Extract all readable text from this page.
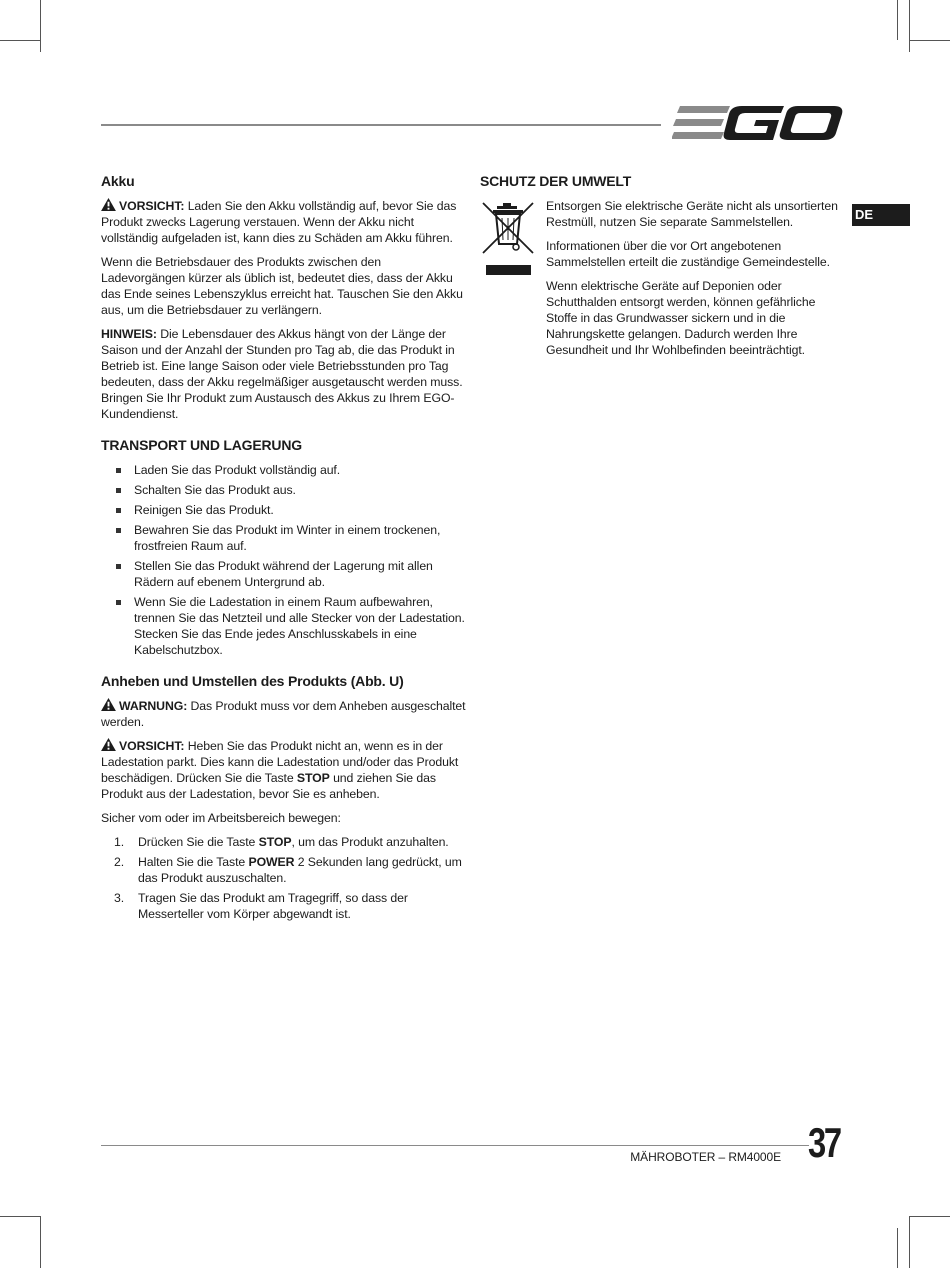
DE
Akku

VORSICHT: Laden Sie den Akku vollständig auf, bevor Sie das Produkt zwecks Lagerung verstauen. Wenn der Akku nicht vollständig aufgeladen ist, kann dies zu Schäden am Akku führen.

Wenn die Betriebsdauer des Produkts zwischen den Ladevorgängen kürzer als üblich ist, bedeutet dies, dass der Akku das Ende seines Lebenszyklus erreicht hat. Tauschen Sie den Akku aus, um die Betriebsdauer zu verlängern.

HINWEIS: Die Lebensdauer des Akkus hängt von der Länge der Saison und der Anzahl der Stunden pro Tag ab, die das Produkt in Betrieb ist. Eine lange Saison oder viele Betriebsstunden pro Tag bedeuten, dass der Akku regelmäßiger ausgetauscht werden muss. Bringen Sie Ihr Produkt zum Austausch des Akkus zu Ihrem EGO-Kundendienst.

TRANSPORT UND LAGERUNG
Laden Sie das Produkt vollständig auf.
Schalten Sie das Produkt aus.
Reinigen Sie das Produkt.
Bewahren Sie das Produkt im Winter in einem trockenen, frostfreien Raum auf.
Stellen Sie das Produkt während der Lagerung mit allen Rädern auf ebenem Untergrund ab.
Wenn Sie die Ladestation in einem Raum aufbewahren, trennen Sie das Netzteil und alle Stecker von der Ladestation. Stecken Sie das Ende jedes Anschlusskabels in eine Kabelschutzbox.
Anheben und Umstellen des Produkts (Abb. U)

WARNUNG: Das Produkt muss vor dem Anheben ausgeschaltet werden.

VORSICHT: Heben Sie das Produkt nicht an, wenn es in der Ladestation parkt. Dies kann die Ladestation und/oder das Produkt beschädigen. Drücken Sie die Taste STOP und ziehen Sie das Produkt aus der Ladestation, bevor Sie es anheben.

Sicher vom oder im Arbeitsbereich bewegen:

1. Drücken Sie die Taste STOP, um das Produkt anzuhalten.
2. Halten Sie die Taste POWER 2 Sekunden lang gedrückt, um das Produkt auszuschalten.
3. Tragen Sie das Produkt am Tragegriff, so dass der Messerteller vom Körper abgewandt ist.
SCHUTZ DER UMWELT

Entsorgen Sie elektrische Geräte nicht als unsortierten Restmüll, nutzen Sie separate Sammelstellen.

Informationen über die vor Ort angebotenen Sammelstellen erteilt die zuständige Gemeindestelle.

Wenn elektrische Geräte auf Deponien oder Schutthalden entsorgt werden, können gefährliche Stoffe in das Grundwasser sickern und in die Nahrungskette gelangen. Dadurch werden Ihre Gesundheit und Ihr Wohlbefinden beeinträchtigt.

MÄHROBOTER – RM4000E 37
